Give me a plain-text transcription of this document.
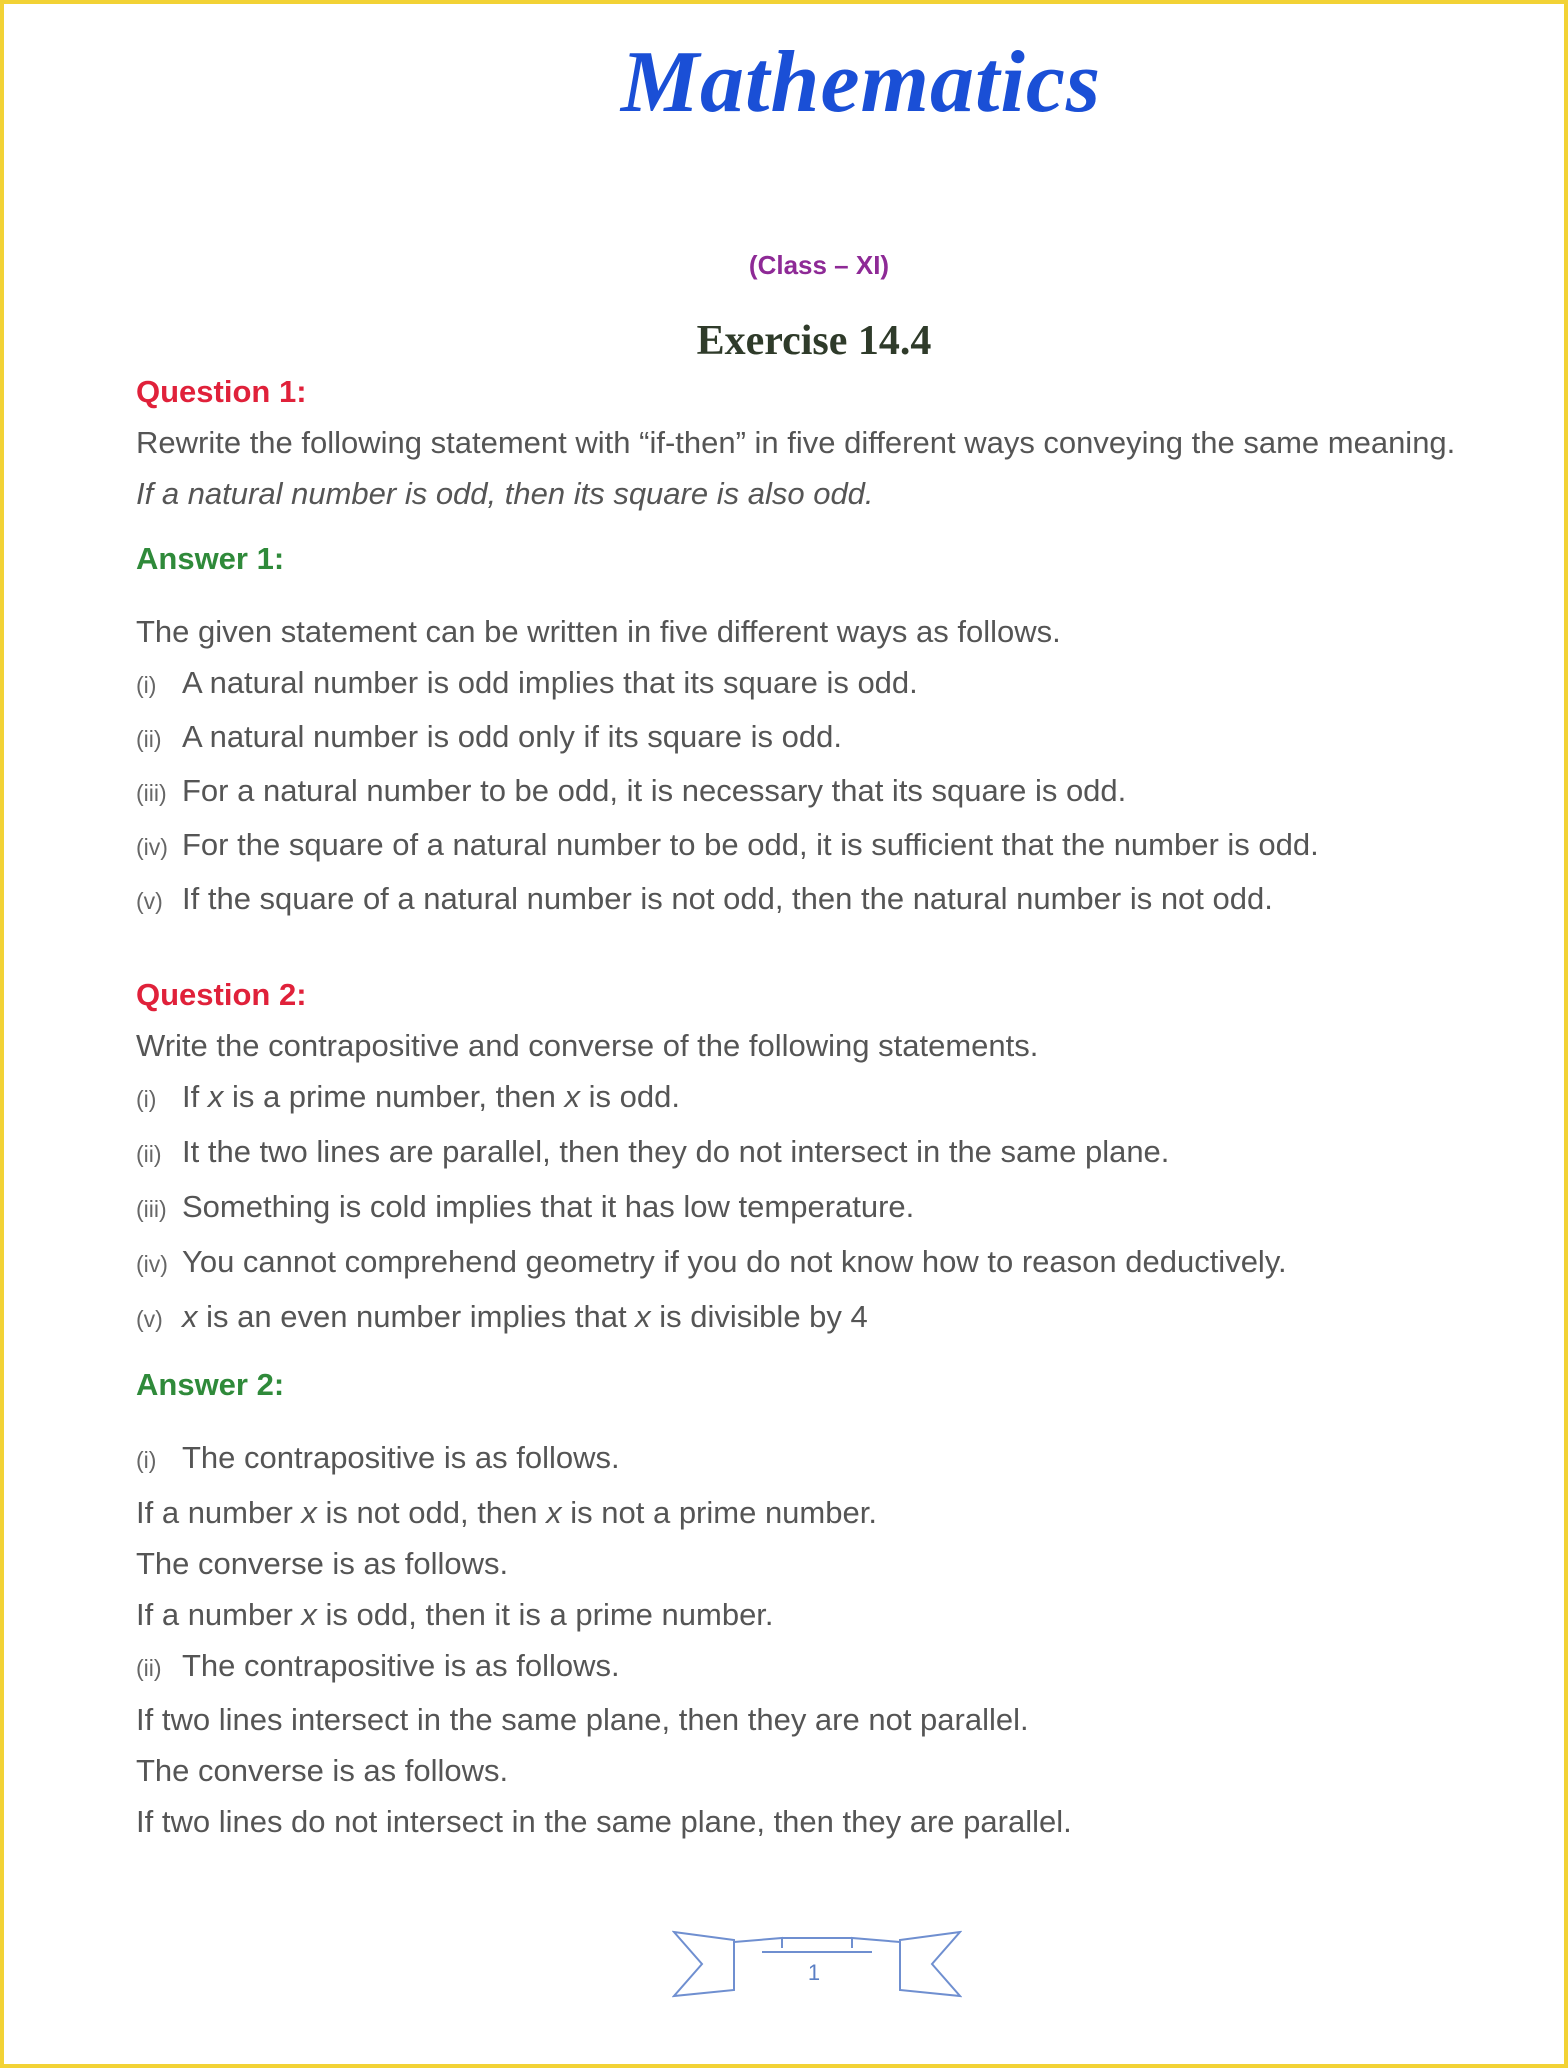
Mathematics
(Class – XI)
Exercise 14.4
Question 1:
Rewrite the following statement with “if-then” in five different ways conveying the same meaning.
If a natural number is odd, then its square is also odd.
Answer 1:
The given statement can be written in five different ways as follows.
(i) A natural number is odd implies that its square is odd.
(ii) A natural number is odd only if its square is odd.
(iii) For a natural number to be odd, it is necessary that its square is odd.
(iv) For the square of a natural number to be odd, it is sufficient that the number is odd.
(v) If the square of a natural number is not odd, then the natural number is not odd.
Question 2:
Write the contrapositive and converse of the following statements.
(i) If x is a prime number, then x is odd.
(ii) It the two lines are parallel, then they do not intersect in the same plane.
(iii) Something is cold implies that it has low temperature.
(iv) You cannot comprehend geometry if you do not know how to reason deductively.
(v) x is an even number implies that x is divisible by 4
Answer 2:
(i) The contrapositive is as follows.
If a number x is not odd, then x is not a prime number.
The converse is as follows.
If a number x is odd, then it is a prime number.
(ii) The contrapositive is as follows.
If two lines intersect in the same plane, then they are not parallel.
The converse is as follows.
If two lines do not intersect in the same plane, then they are parallel.
1
